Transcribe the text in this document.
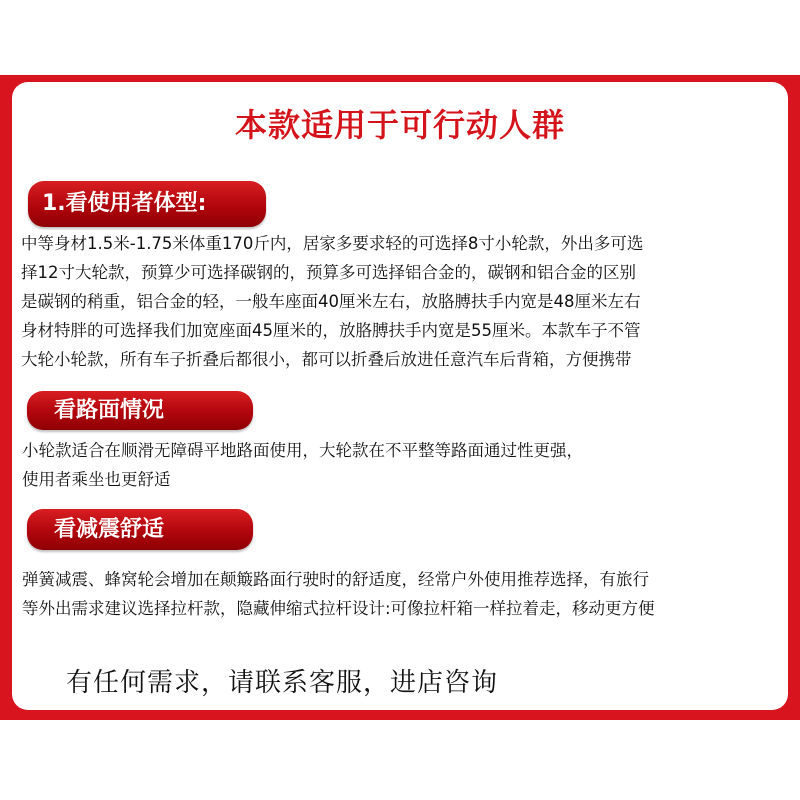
本款适用于可行动人群
1.看使用者体型:
中等身材1.5米-1.75米体重170斤内，居家多要求轻的可选择8寸小轮款，外出多可选
择12寸大轮款，预算少可选择碳钢的，预算多可选择铝合金的，碳钢和铝合金的区别
是碳钢的稍重，铝合金的轻，一般车座面40厘米左右，放胳膊扶手内宽是48厘米左右
身材特胖的可选择我们加宽座面45厘米的，放胳膊扶手内宽是55厘米。本款车子不管
大轮小轮款，所有车子折叠后都很小，都可以折叠后放进任意汽车后背箱，方便携带
看路面情况
小轮款适合在顺滑无障碍平地路面使用，大轮款在不平整等路面通过性更强，
使用者乘坐也更舒适
看减震舒适
弹簧减震、蜂窝轮会增加在颠簸路面行驶时的舒适度，经常户外使用推荐选择，有旅行
等外出需求建议选择拉杆款，隐藏伸缩式拉杆设计:可像拉杆箱一样拉着走，移动更方便
有任何需求，请联系客服，进店咨询
